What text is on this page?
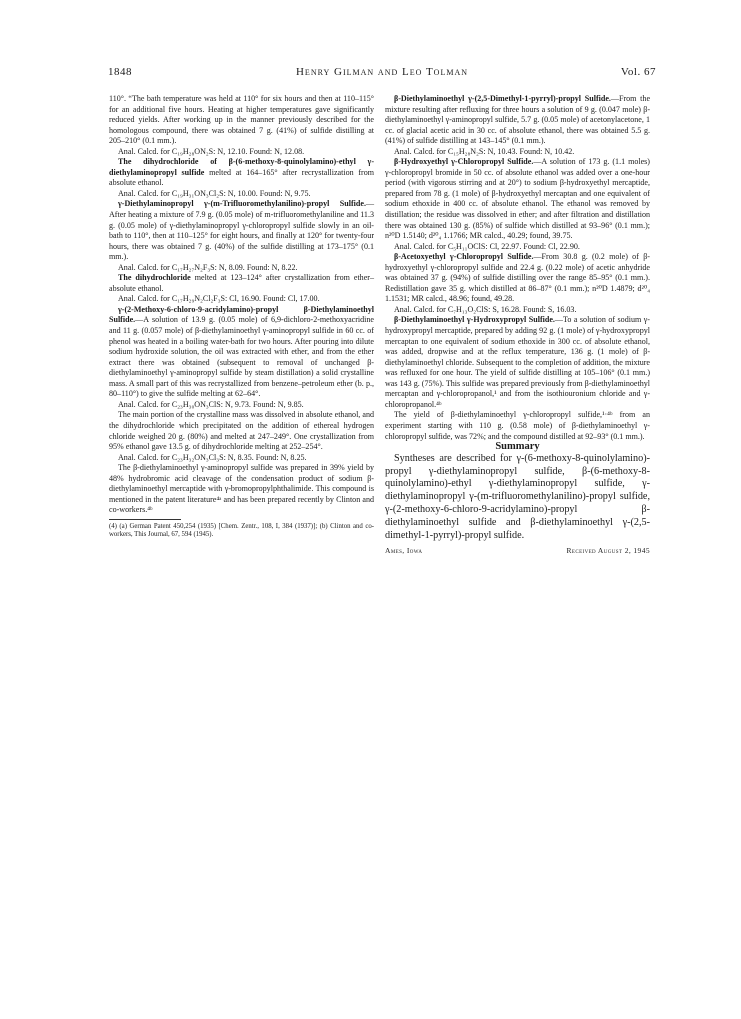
1848	Henry Gilman and Leo Tolman	Vol. 67

110°. “The bath temperature was held at 110° for six hours and then at 110–115° for an additional five hours. Heating at higher temperatures gave significantly reduced yields. After working up in the manner previously described for the homologous compound, there was obtained 7 g. (41%) of sulfide distilling at 205–210° (0.1 mm.).

Anal. Calcd. for C₁₉H₂₈ON₂S: N, 12.10. Found: N, 12.08.

The dihydrochloride of β-(6-methoxy-8-quinolylamino)-ethyl γ-diethylaminopropyl sulfide melted at 164–165° after recrystallization from absolute ethanol.

Anal. Calcd. for C₁₉H₃₁ON₃Cl₂S: N, 10.00. Found: N, 9.75.

γ-Diethylaminopropyl γ-(m-Trifluoromethylanilino)-propyl Sulfide.—After heating a mixture of 7.9 g. (0.05 mole) of m-trifluoromethylaniline and 11.3 g. (0.05 mole) of γ-diethylaminopropyl γ-chloropropyl sulfide slowly in an oil-bath to 110°, then at 110–125° for eight hours, and finally at 120° for twenty-four hours, there was obtained 7 g. (40%) of the sulfide distilling at 173–175° (0.1 mm.).

Anal. Calcd. for C₁₇H₂₇N₂F₃S: N, 8.09. Found: N, 8.22.

The dihydrochloride melted at 123–124° after crystallization from ether–absolute ethanol.

Anal. Calcd. for C₁₇H₂₉N₂Cl₂F₃S: Cl, 16.90. Found: Cl, 17.00.

γ-(2-Methoxy-6-chloro-9-acridylamino)-propyl β-Diethylaminoethyl Sulfide.—A solution of 13.9 g. (0.05 mole) of 6,9-dichloro-2-methoxyacridine and 11 g. (0.057 mole) of β-diethylaminoethyl γ-aminopropyl sulfide in 60 cc. of phenol was heated in a boiling water-bath for two hours. After pouring into dilute sodium hydroxide solution, the oil was extracted with ether, and from the ether extract there was obtained (subsequent to removal of unchanged β-diethylaminoethyl γ-aminopropyl sulfide by steam distillation) a solid crystalline mass. A small part of this was recrystallized from benzene–petroleum ether (b. p., 80–110°) to give the sulfide melting at 62–64°.

Anal. Calcd. for C₂₃H₃₀ON₃ClS: N, 9.73. Found: N, 9.85.

The main portion of the crystalline mass was dissolved in absolute ethanol, and the dihydrochloride which precipitated on the addition of ethereal hydrogen chloride weighed 20 g. (80%) and melted at 247–249°. One crystallization from 95% ethanol gave 13.5 g. of dihydrochloride melting at 252–254°.

Anal. Calcd. for C₂₃H₃₂ON₃Cl₃S: N, 8.35. Found: N, 8.25.

The β-diethylaminoethyl γ-aminopropyl sulfide was prepared in 39% yield by 48% hydrobromic acid cleavage of the condensation product of sodium β-diethylaminoethyl mercaptide with γ-bromopropylphthalimide. This compound is mentioned in the patent literature⁴ᵃ and has been prepared recently by Clinton and co-workers.⁴ᵇ

(4) (a) German Patent 450,254 (1935) [Chem. Zentr., 108, I, 384 (1937)]; (b) Clinton and co-workers, This Journal, 67, 594 (1945).

β-Diethylaminoethyl γ-(2,5-Dimethyl-1-pyrryl)-propyl Sulfide.—From the mixture resulting after refluxing for three hours a solution of 9 g. (0.047 mole) β-diethylaminoethyl γ-aminopropyl sulfide, 5.7 g. (0.05 mole) of acetonylacetone, 1 cc. of glacial acetic acid in 30 cc. of absolute ethanol, there was obtained 5.5 g. (41%) of sulfide distilling at 143–145° (0.1 mm.).

Anal. Calcd. for C₁₅H₂₈N₂S: N, 10.43. Found: N, 10.42.

β-Hydroxyethyl γ-Chloropropyl Sulfide.—A solution of 173 g. (1.1 moles) γ-chloropropyl bromide in 50 cc. of absolute ethanol was added over a one-hour period (with vigorous stirring and at 20°) to sodium β-hydroxyethyl mercaptide, prepared from 78 g. (1 mole) of β-hydroxyethyl mercaptan and one equivalent of sodium ethoxide in 400 cc. of absolute ethanol. The ethanol was removed by distillation; the residue was dissolved in ether; and after filtration and distillation there was obtained 130 g. (85%) of sulfide which distilled at 93–96° (0.1 mm.); n²⁰D 1.5140; d²⁰₄ 1.1766; MR calcd., 40.29; found, 39.75.

Anal. Calcd. for C₅H₁₁OClS: Cl, 22.97. Found: Cl, 22.90.

β-Acetoxyethyl γ-Chloropropyl Sulfide.—From 30.8 g. (0.2 mole) of β-hydroxyethyl γ-chloropropyl sulfide and 22.4 g. (0.22 mole) of acetic anhydride was obtained 37 g. (94%) of sulfide distilling over the range 85–95° (0.1 mm.). Redistillation gave 35 g. which distilled at 86–87° (0.1 mm.); n²⁰D 1.4879; d²⁰₄ 1.1531; MR calcd., 48.96; found, 49.28.

Anal. Calcd. for C₇H₁₃O₂ClS: S, 16.28. Found: S, 16.03.

β-Diethylaminoethyl γ-Hydroxypropyl Sulfide.—To a solution of sodium γ-hydroxypropyl mercaptide, prepared by adding 92 g. (1 mole) of γ-hydroxypropyl mercaptan to one equivalent of sodium ethoxide in 300 cc. of absolute ethanol, was added, dropwise and at the reflux temperature, 136 g. (1 mole) of β-diethylaminoethyl chloride. Subsequent to the completion of addition, the mixture was refluxed for one hour. The yield of sulfide distilling at 105–106° (0.1 mm.) was 143 g. (75%). This sulfide was prepared previously from β-diethylaminoethyl mercaptan and γ-chloropropanol,¹ and from the isothiouronium chloride and γ-chloropropanol.⁴ᵇ

The yield of β-diethylaminoethyl γ-chloropropyl sulfide,¹·⁴ᵇ from an experiment starting with 110 g. (0.58 mole) of β-diethylaminoethyl γ-chloropropyl sulfide, was 72%; and the compound distilled at 92–93° (0.1 mm.).

Summary

Syntheses are described for γ-(6-methoxy-8-quinolylamino)-propyl γ-diethylaminopropyl sulfide, β-(6-methoxy-8-quinolylamino)-ethyl γ-diethylaminopropyl sulfide, γ-diethylaminopropyl γ-(m-trifluoromethylanilino)-propyl sulfide, γ-(2-methoxy-6-chloro-9-acridylamino)-propyl β-diethylaminoethyl sulfide and β-diethylaminoethyl γ-(2,5-dimethyl-1-pyrryl)-propyl sulfide.

Ames, Iowa	Received August 2, 1945
